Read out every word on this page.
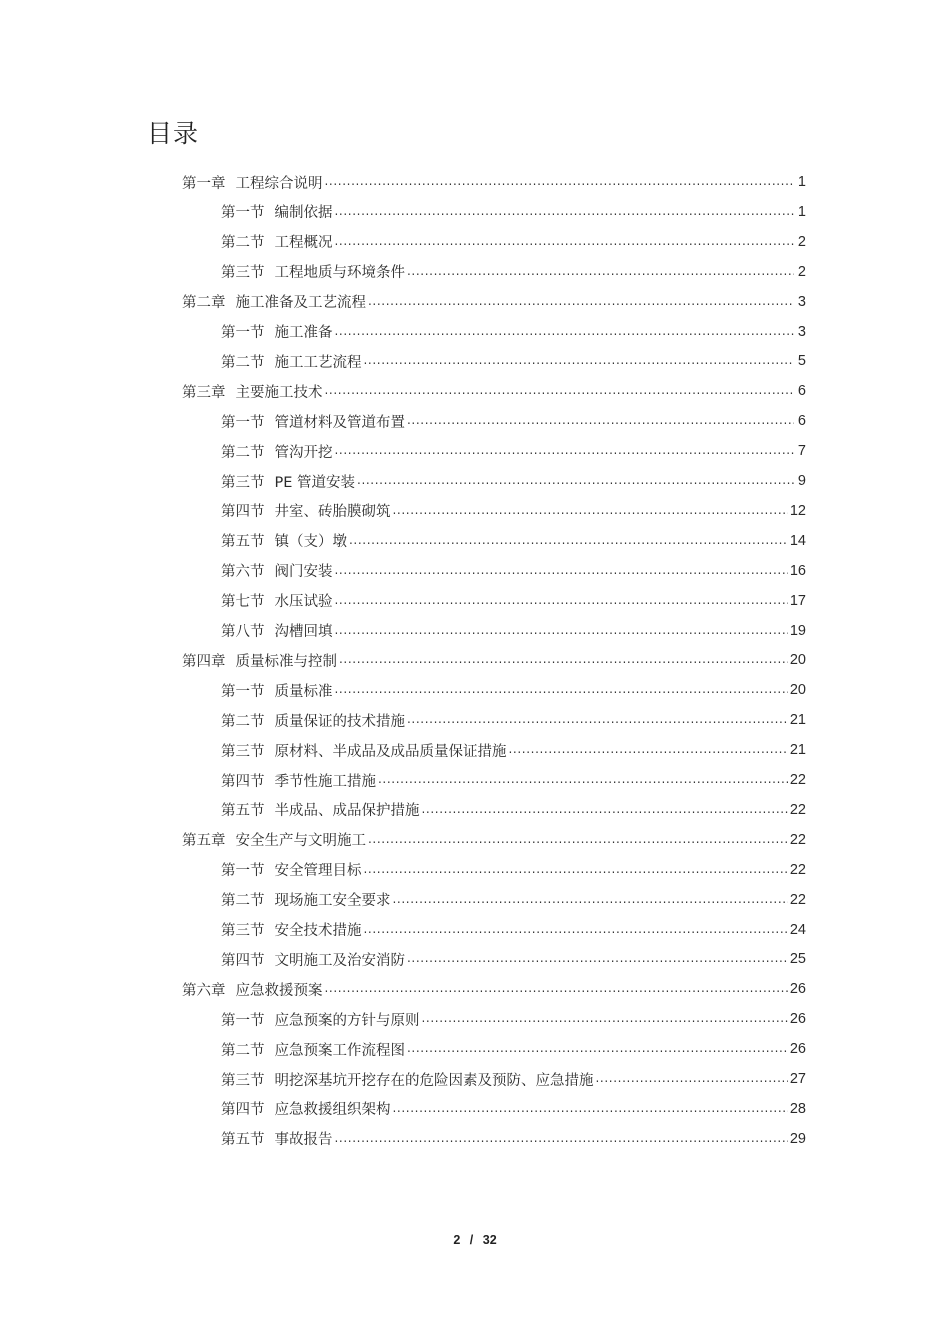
目录
第一章 工程综合说明 . . .	1
第一节 编制依据 . . .	1
第二节 工程概况 . . .	2
第三节 工程地质与环境条件 . . .	2
第二章 施工准备及工艺流程 . . .	3
第一节 施工准备 . . .	3
第二节 施工工艺流程 . . .	5
第三章 主要施工技术 . . .	6
第一节 管道材料及管道布置 . . .	6
第二节 管沟开挖 . . .	7
第三节 PE 管道安装 . . .	9
第四节 井室、砖胎膜砌筑 . . .	12
第五节 镇（支）墩 . . .	14
第六节 阀门安装 . . .	16
第七节 水压试验 . . .	17
第八节 沟槽回填 . . .	19
第四章 质量标准与控制 . . .	20
第一节 质量标准 . . .	20
第二节 质量保证的技术措施 . . .	21
第三节 原材料、半成品及成品质量保证措施 . . .	21
第四节 季节性施工措施 . . .	22
第五节 半成品、成品保护措施 . . .	22
第五章 安全生产与文明施工 . . .	22
第一节 安全管理目标 . . .	22
第二节 现场施工安全要求 . . .	22
第三节 安全技术措施 . . .	24
第四节 文明施工及治安消防 . . .	25
第六章 应急救援预案 . . .	26
第一节 应急预案的方针与原则 . . .	26
第二节 应急预案工作流程图 . . .	26
第三节 明挖深基坑开挖存在的危险因素及预防、应急措施 . . .	27
第四节 应急救援组织架构 . . .	28
第五节 事故报告 . . .	29
2 / 32
